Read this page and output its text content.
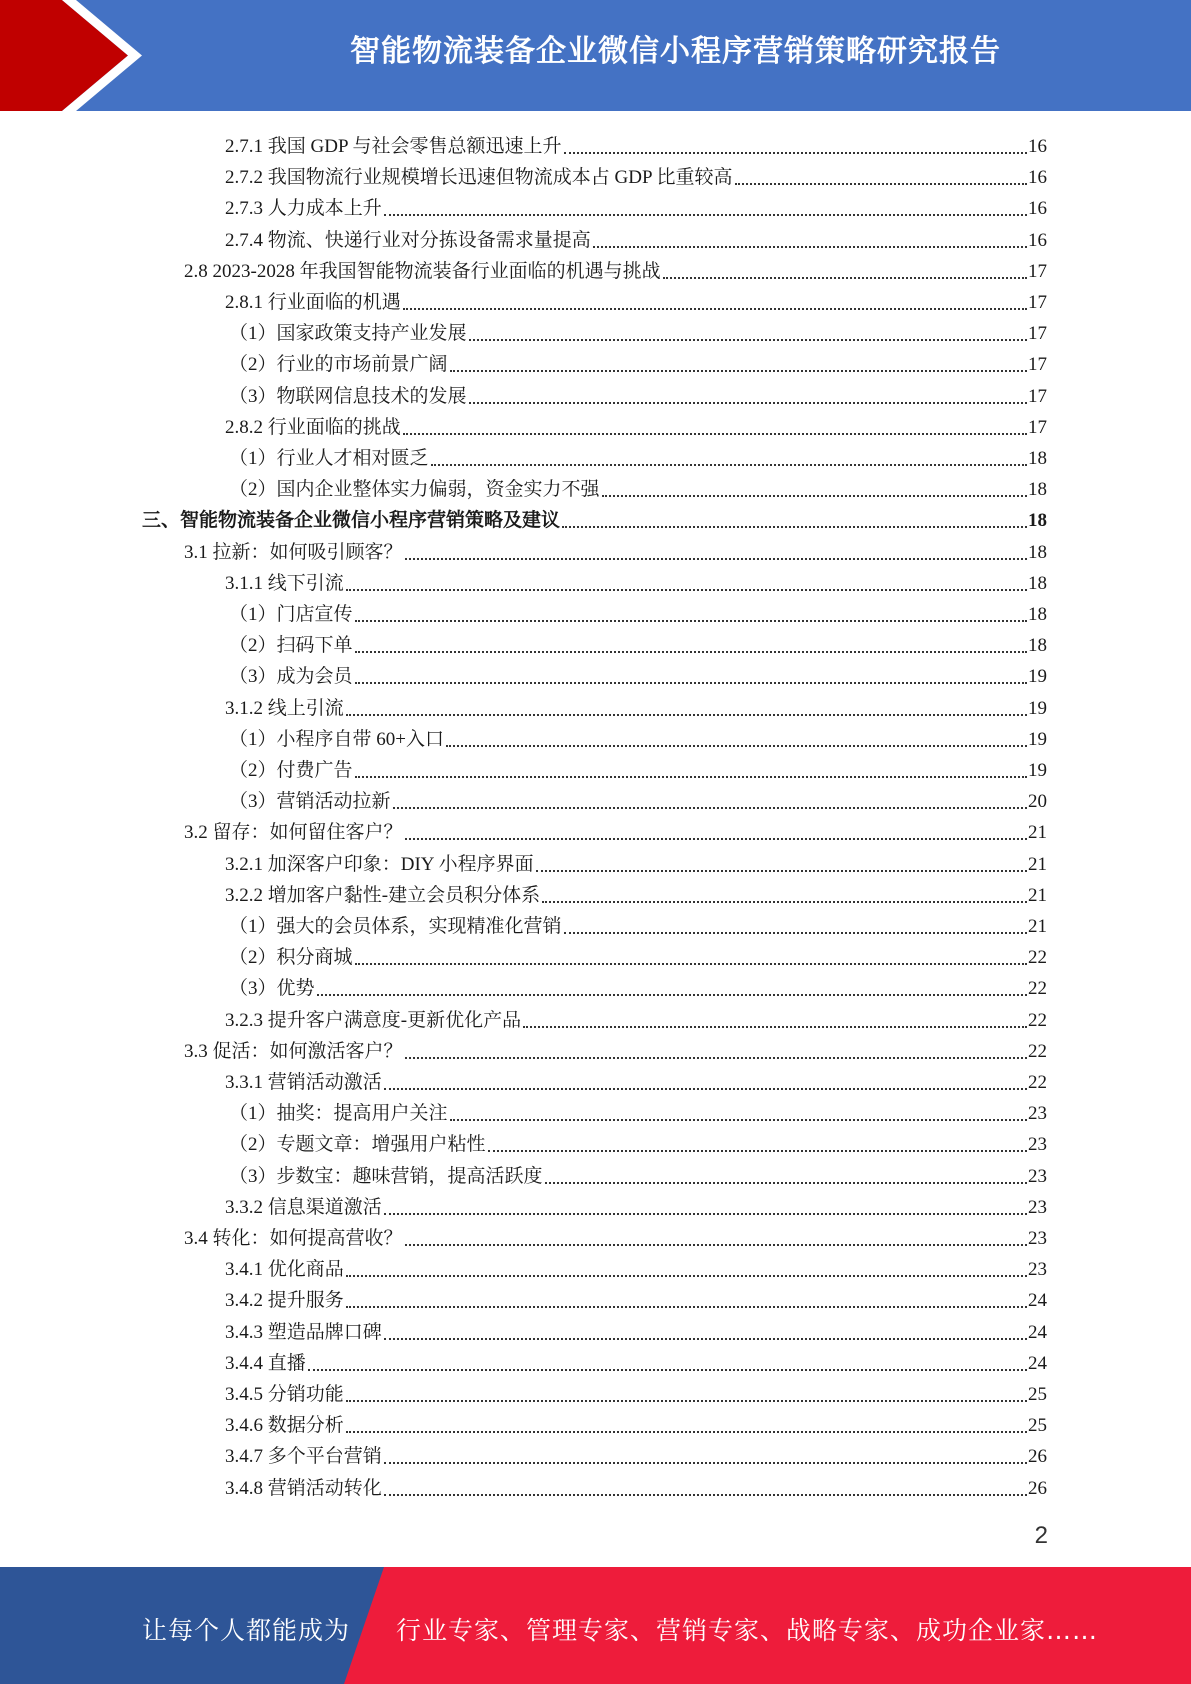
智能物流装备企业微信小程序营销策略研究报告
2.7.1 我国 GDP 与社会零售总额迅速上升	16
2.7.2 我国物流行业规模增长迅速但物流成本占 GDP 比重较高	16
2.7.3 人力成本上升	16
2.7.4 物流、快递行业对分拣设备需求量提高	16
2.8 2023-2028 年我国智能物流装备行业面临的机遇与挑战	17
2.8.1 行业面临的机遇	17
（1）国家政策支持产业发展	17
（2）行业的市场前景广阔	17
（3）物联网信息技术的发展	17
2.8.2 行业面临的挑战	17
（1）行业人才相对匮乏	18
（2）国内企业整体实力偏弱，资金实力不强	18
三、智能物流装备企业微信小程序营销策略及建议	18
3.1 拉新：如何吸引顾客？	18
3.1.1 线下引流	18
（1）门店宣传	18
（2）扫码下单	18
（3）成为会员	19
3.1.2 线上引流	19
（1）小程序自带 60+入口	19
（2）付费广告	19
（3）营销活动拉新	20
3.2 留存：如何留住客户？	21
3.2.1 加深客户印象：DIY 小程序界面	21
3.2.2 增加客户黏性-建立会员积分体系	21
（1）强大的会员体系，实现精准化营销	21
（2）积分商城	22
（3）优势	22
3.2.3 提升客户满意度-更新优化产品	22
3.3 促活：如何激活客户？	22
3.3.1 营销活动激活	22
（1）抽奖：提高用户关注	23
（2）专题文章：增强用户粘性	23
（3）步数宝：趣味营销，提高活跃度	23
3.3.2 信息渠道激活	23
3.4 转化：如何提高营收？	23
3.4.1 优化商品	23
3.4.2 提升服务	24
3.4.3 塑造品牌口碑	24
3.4.4 直播	24
3.4.5 分销功能	25
3.4.6 数据分析	25
3.4.7 多个平台营销	26
3.4.8 营销活动转化	26
2
让每个人都能成为 行业专家、管理专家、营销专家、战略专家、成功企业家……
